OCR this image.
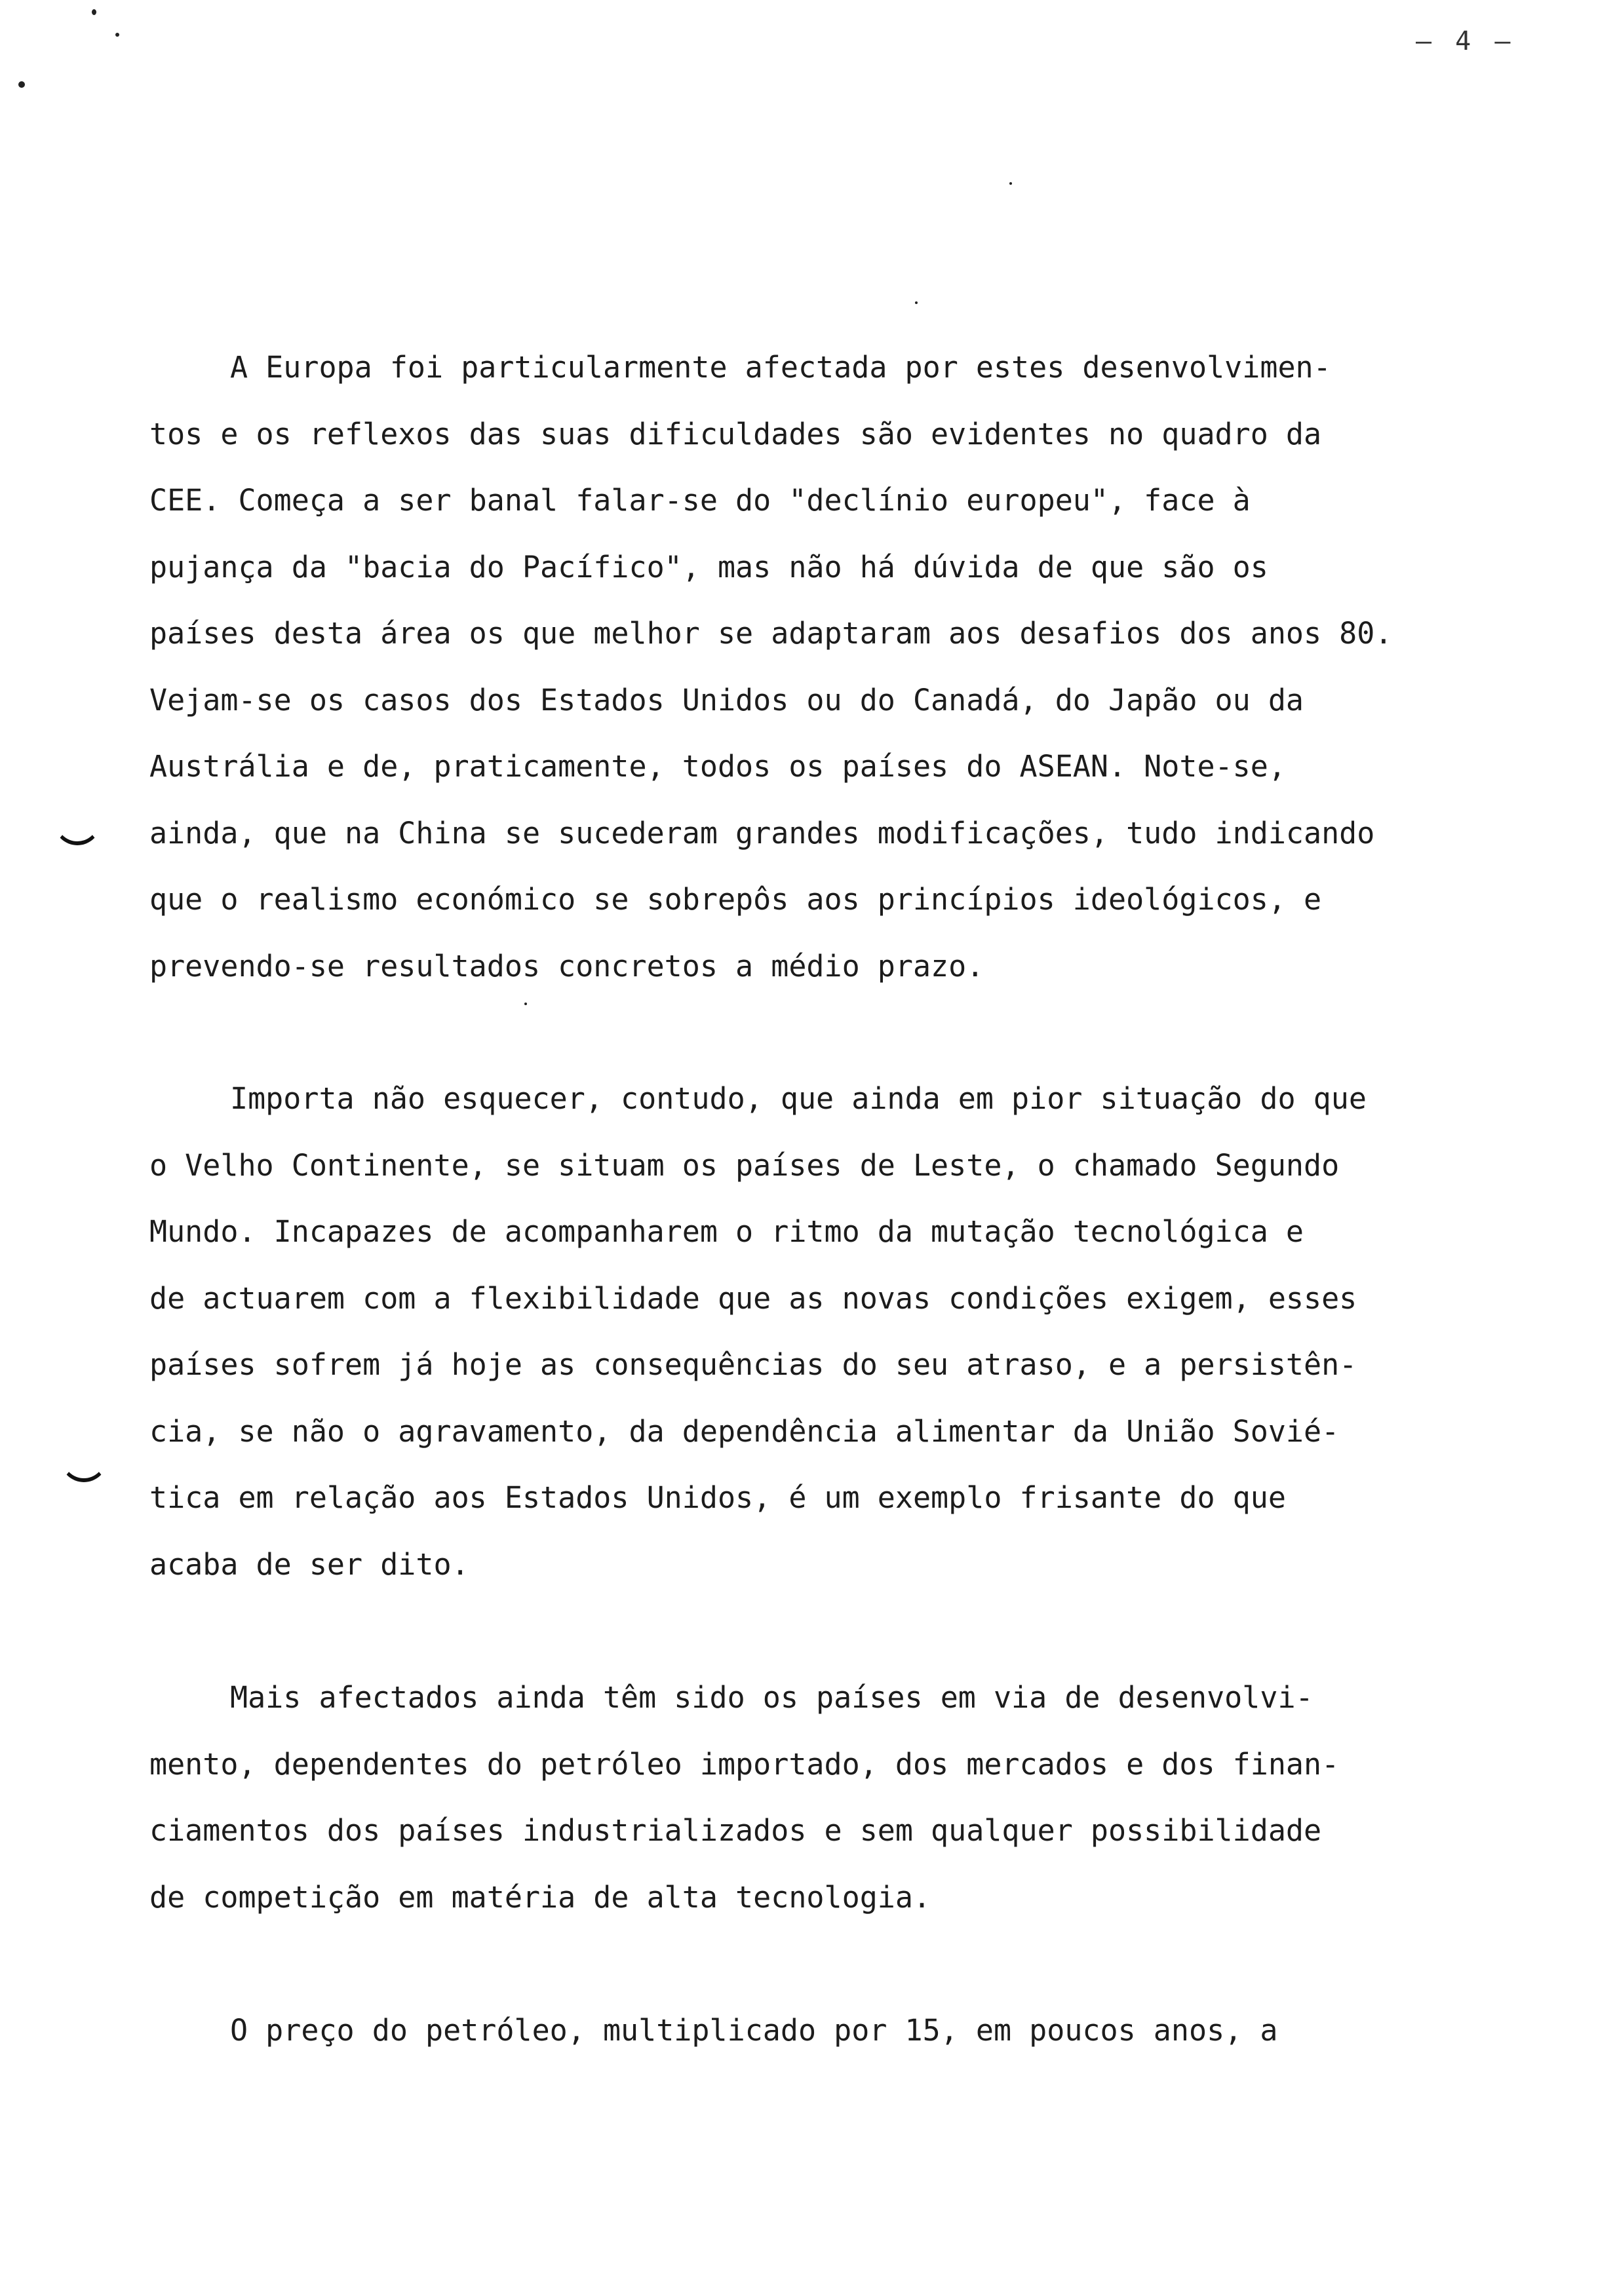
– 4 –

A Europa foi particularmente afectada por estes desenvolvimen-
tos e os reflexos das suas dificuldades são evidentes no quadro da
CEE. Começa a ser banal falar-se do "declínio europeu", face à
pujança da "bacia do Pacífico", mas não há dúvida de que são os
países desta área os que melhor se adaptaram aos desafios dos anos 80.
Vejam-se os casos dos Estados Unidos ou do Canadá, do Japão ou da
Austrália e de, praticamente, todos os países do ASEAN. Note-se,
ainda, que na China se sucederam grandes modificações, tudo indicando
que o realismo económico se sobrepôs aos princípios ideológicos, e
prevendo-se resultados concretos a médio prazo.

Importa não esquecer, contudo, que ainda em pior situação do que
o Velho Continente, se situam os países de Leste, o chamado Segundo
Mundo. Incapazes de acompanharem o ritmo da mutação tecnológica e
de actuarem com a flexibilidade que as novas condições exigem, esses
países sofrem já hoje as consequências do seu atraso, e a persistên-
cia, se não o agravamento, da dependência alimentar da União Sovié-
tica em relação aos Estados Unidos, é um exemplo frisante do que
acaba de ser dito.

Mais afectados ainda têm sido os países em via de desenvolvi-
mento, dependentes do petróleo importado, dos mercados e dos finan-
ciamentos dos países industrializados e sem qualquer possibilidade
de competição em matéria de alta tecnologia.

O preço do petróleo, multiplicado por 15, em poucos anos, a
